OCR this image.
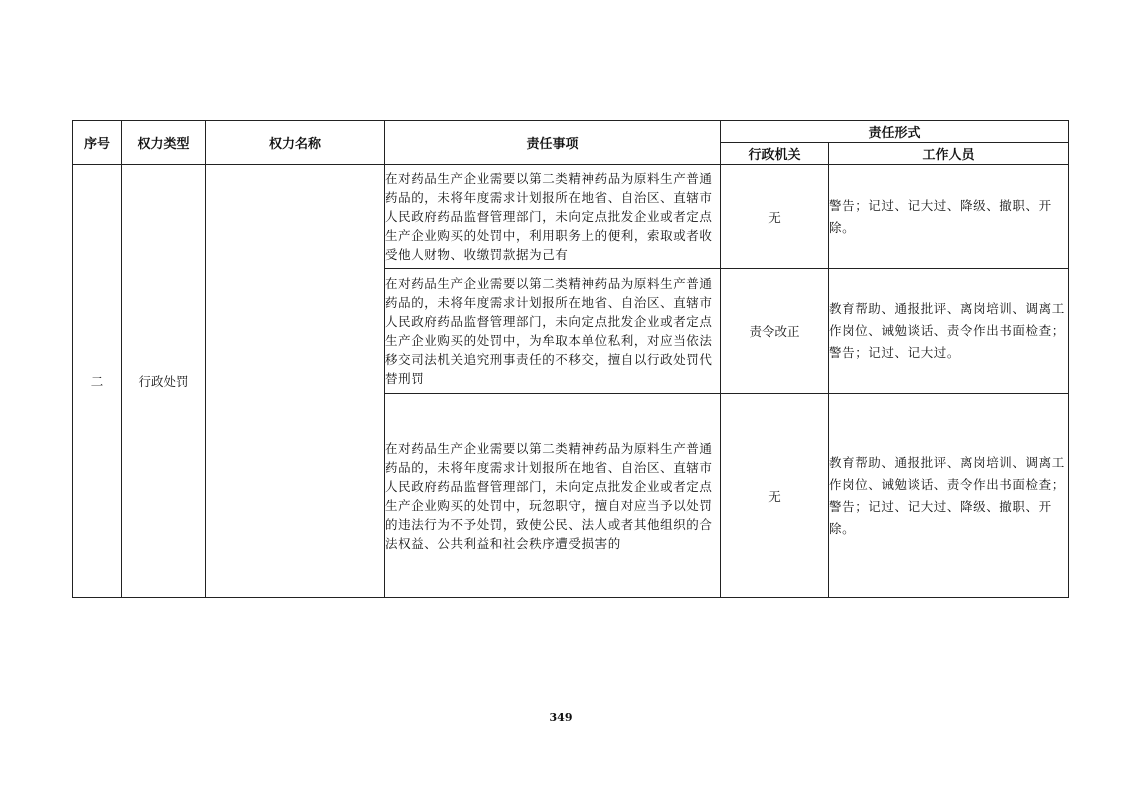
序号	权力类型	权力名称	责任事项	责任形式	
				行政机关	工作人员
二	行政处罚		在对药品生产企业需要以第二类精神药品为原料生产普通药品的，未将年度需求计划报所在地省、自治区、直辖市人民政府药品监督管理部门，未向定点批发企业或者定点生产企业购买的处罚中，利用职务上的便利，索取或者收受他人财物、收缴罚款据为己有	无	警告；记过、记大过、降级、撤职、开除。
			在对药品生产企业需要以第二类精神药品为原料生产普通药品的，未将年度需求计划报所在地省、自治区、直辖市人民政府药品监督管理部门，未向定点批发企业或者定点生产企业购买的处罚中，为牟取本单位私利，对应当依法移交司法机关追究刑事责任的不移交，擅自以行政处罚代替刑罚	责令改正	教育帮助、通报批评、离岗培训、调离工作岗位、诫勉谈话、责令作出书面检查；警告；记过、记大过。
			在对药品生产企业需要以第二类精神药品为原料生产普通药品的，未将年度需求计划报所在地省、自治区、直辖市人民政府药品监督管理部门，未向定点批发企业或者定点生产企业购买的处罚中，玩忽职守，擅自对应当予以处罚的违法行为不予处罚，致使公民、法人或者其他组织的合法权益、公共利益和社会秩序遭受损害的	无	教育帮助、通报批评、离岗培训、调离工作岗位、诫勉谈话、责令作出书面检查；警告；记过、记大过、降级、撤职、开除。
349
